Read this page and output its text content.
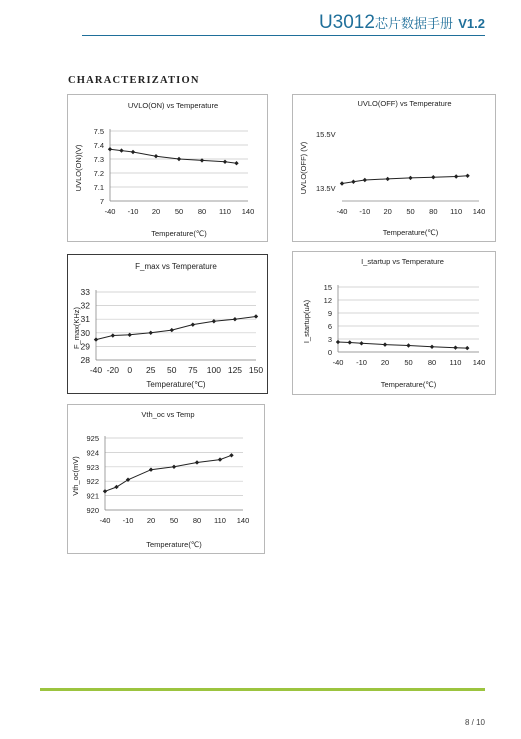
U3012芯片数据手册 V1.2
CHARACTERIZATION
UVLO(ON) vs Temperature
7.5
7.4
7.3
7.2
7.1
7
-40 -10 20 50 80 110 140
Temperature(℃)
UVLO(ON)(V)
UVLO(OFF) vs Temperature
-40 -10 20 50 80 110 140
Temperature(℃)
UVLO(OFF) (V)
15.5V
13.5V
F_max vs Temperature
33
32
31
30
29
28
-40 -20 0 25 50 75 100 125 150
Temperature(℃)
F_max(KHz)
I_startup vs Temperature
15
12
9
6
3
0
-40 -10 20 50 80 110 140
Temperature(℃)
I_startup(uA)
Vth_oc vs Temp
925
924
923
922
921
920
-40 -10 20 50 80 110 140
Temperature(℃)
Vth_oc(mV)
8 / 10
